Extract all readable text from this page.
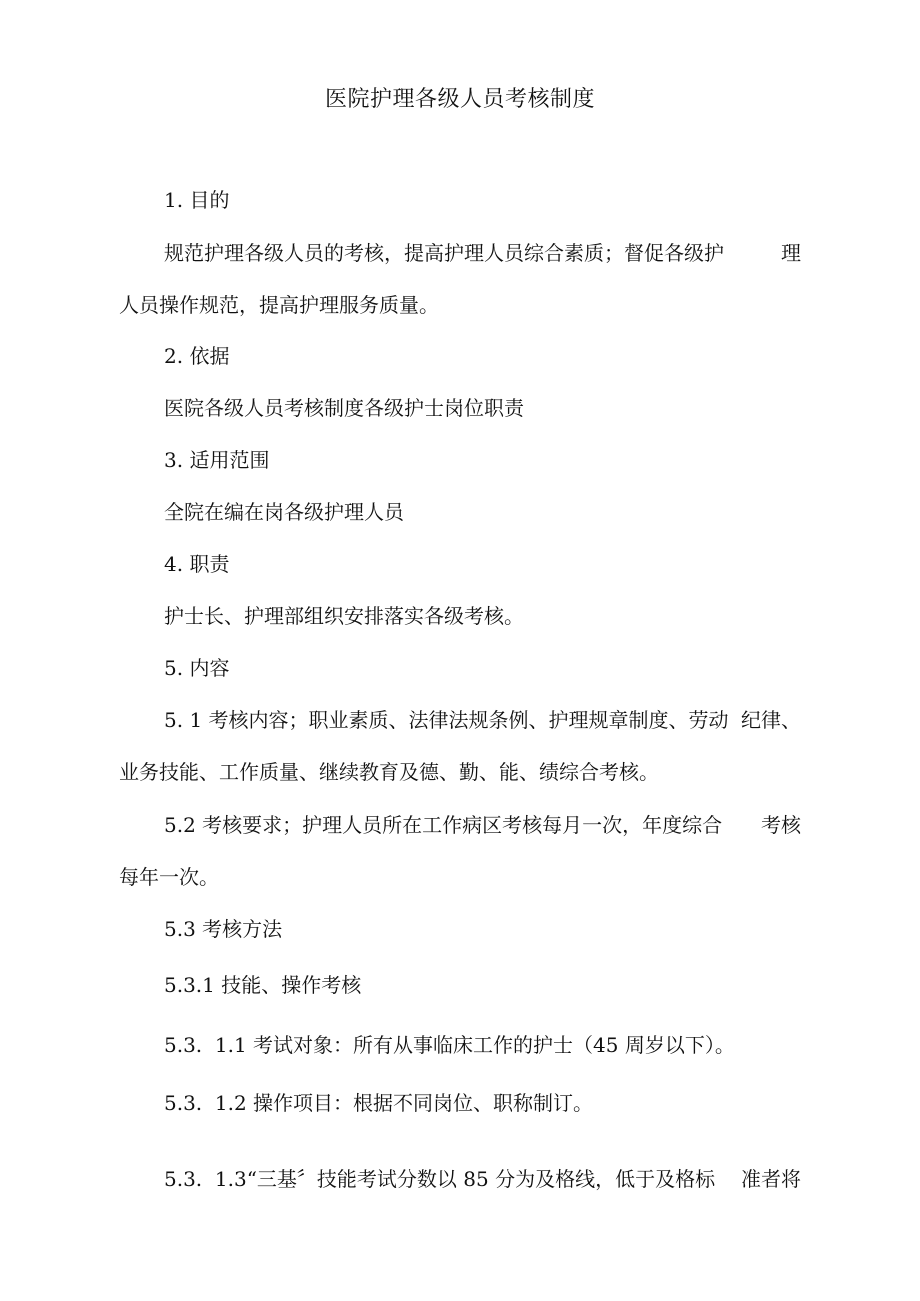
医院护理各级人员考核制度
1. 目的
规范护理各级人员的考核，提高护理人员综合素质；督促各级护	理
人员操作规范，提高护理服务质量。
2. 依据
医院各级人员考核制度各级护士岗位职责
3. 适用范围
全院在编在岗各级护理人员
4. 职责
护士长、护理部组织安排落实各级考核。
5. 内容
5. 1 考核内容；职业素质、法律法规条例、护理规章制度、劳动 纪律、
业务技能、工作质量、继续教育及德、勤、能、绩综合考核。
5.2 考核要求；护理人员所在工作病区考核每月一次，年度综合 考核
每年一次。
5.3 考核方法
5.3.1 技能、操作考核
5.3. 1.1 考试对象：所有从事临床工作的护士（45 周岁以下）。
5.3. 1.2 操作项目：根据不同岗位、职称制订。
5.3. 1.3“三基〞技能考试分数以 85 分为及格线，低于及格标 准者将
